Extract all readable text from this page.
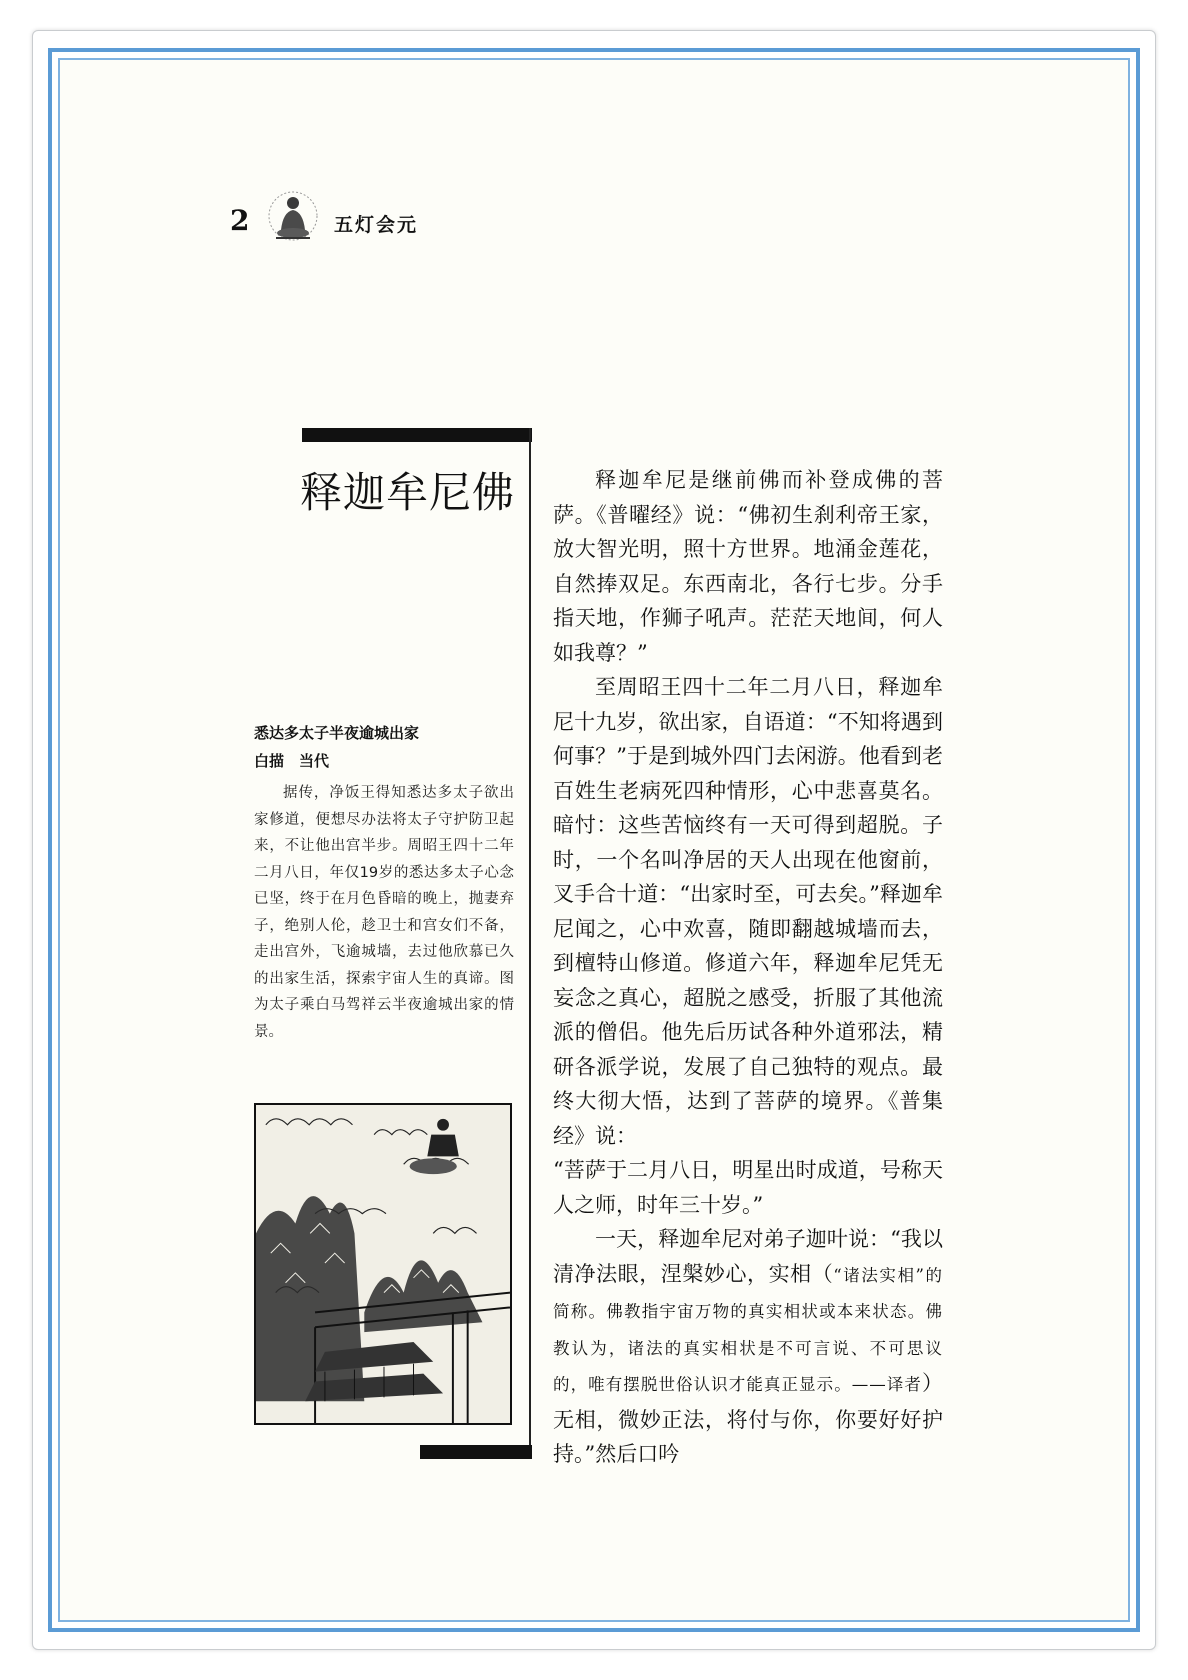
2	五灯会元
释迦牟尼佛
悉达多太子半夜逾城出家
白描　当代
据传，净饭王得知悉达多太子欲出家修道，便想尽办法将太子守护防卫起来，不让他出宫半步。周昭王四十二年二月八日，年仅19岁的悉达多太子心念已坚，终于在月色昏暗的晚上，抛妻弃子，绝别人伦，趁卫士和宫女们不备，走出宫外，飞逾城墙，去过他欣慕已久的出家生活，探索宇宙人生的真谛。图为太子乘白马驾祥云半夜逾城出家的情景。

释迦牟尼是继前佛而补登成佛的菩萨。《普曜经》说：“佛初生刹利帝王家，放大智光明，照十方世界。地涌金莲花，自然捧双足。东西南北，各行七步。分手指天地，作狮子吼声。茫茫天地间，何人如我尊？”

至周昭王四十二年二月八日，释迦牟尼十九岁，欲出家，自语道：“不知将遇到何事？”于是到城外四门去闲游。他看到老百姓生老病死四种情形，心中悲喜莫名。暗忖：这些苦恼终有一天可得到超脱。子时，一个名叫净居的天人出现在他窗前，叉手合十道：“出家时至，可去矣。”释迦牟尼闻之，心中欢喜，随即翻越城墙而去，到檀特山修道。修道六年，释迦牟尼凭无妄念之真心，超脱之感受，折服了其他流派的僧侣。他先后历试各种外道邪法，精研各派学说，发展了自己独特的观点。最终大彻大悟，达到了菩萨的境界。《普集经》说：

“菩萨于二月八日，明星出时成道，号称天人之师，时年三十岁。”

一天，释迦牟尼对弟子迦叶说：“我以清净法眼，涅槃妙心，实相（“诸法实相”的简称。佛教指宇宙万物的真实相状或本来状态。佛教认为，诸法的真实相状是不可言说、不可思议的，唯有摆脱世俗认识才能真正显示。——译者）无相，微妙正法，将付与你，你要好好护持。”然后口吟
